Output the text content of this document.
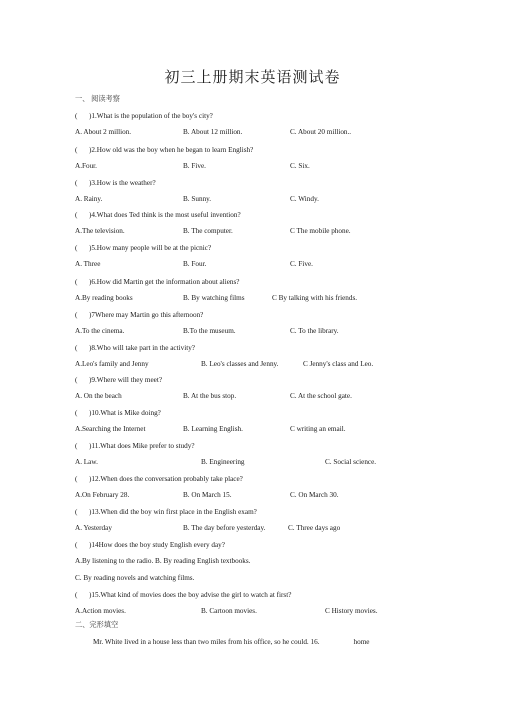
初三上册期末英语测试卷
一、 阅读考察
( )1.What is the population of the boy's city?
A. About 2 million.	B. About 12 million.	C. About 20 million..
( )2.How old was the boy when he began to learn English?
A.Four.	B. Five.	C. Six.
( )3.How is the weather?
A. Rainy.	B. Sunny.	C. Windy.
( )4.What does Ted think is the most useful invention?
A.The television.	B. The computer.	C The mobile phone.
( )5.How many people will be at the picnic?
A. Three	B. Four.	C. Five.
( )6.How did Martin get the information about aliens?
A.By reading books	B. By watching films	C By talking with his friends.
( )7Where may Martin go this afternoon?
A.To the cinema.	B.To the museum.	C. To the library.
( )8.Who will take part in the activity?
A.Leo's family and Jenny	B. Leo's classes and Jenny.	C Jenny's class and Leo.
( )9.Where will they meet?
A. On the beach	B. At the bus stop.	C. At the school gate.
( )10.What is Mike doing?
A.Searching the Internet	B. Learning English.	C writing an email.
( )11.What does Mike prefer to study?
A. Law.	B. Engineering	C. Social science.
( )12.When does the conversation probably take place?
A.On February 28.	B. On March 15.	C. On March 30.
( )13.When did the boy win first place in the English exam?
A. Yesterday	B. The day before yesterday.	C. Three days ago
( )14How does the boy study English every day?
A.By listening to the radio. B. By reading English textbooks.
C. By reading novels and watching films.
( )15.What kind of movies does the boy advise the girl to watch at first?
A.Action movies.	B. Cartoon movies.	C History movies.
二、完形填空
Mr. White lived in a house less than two miles from his office, so he could. 16.	home
